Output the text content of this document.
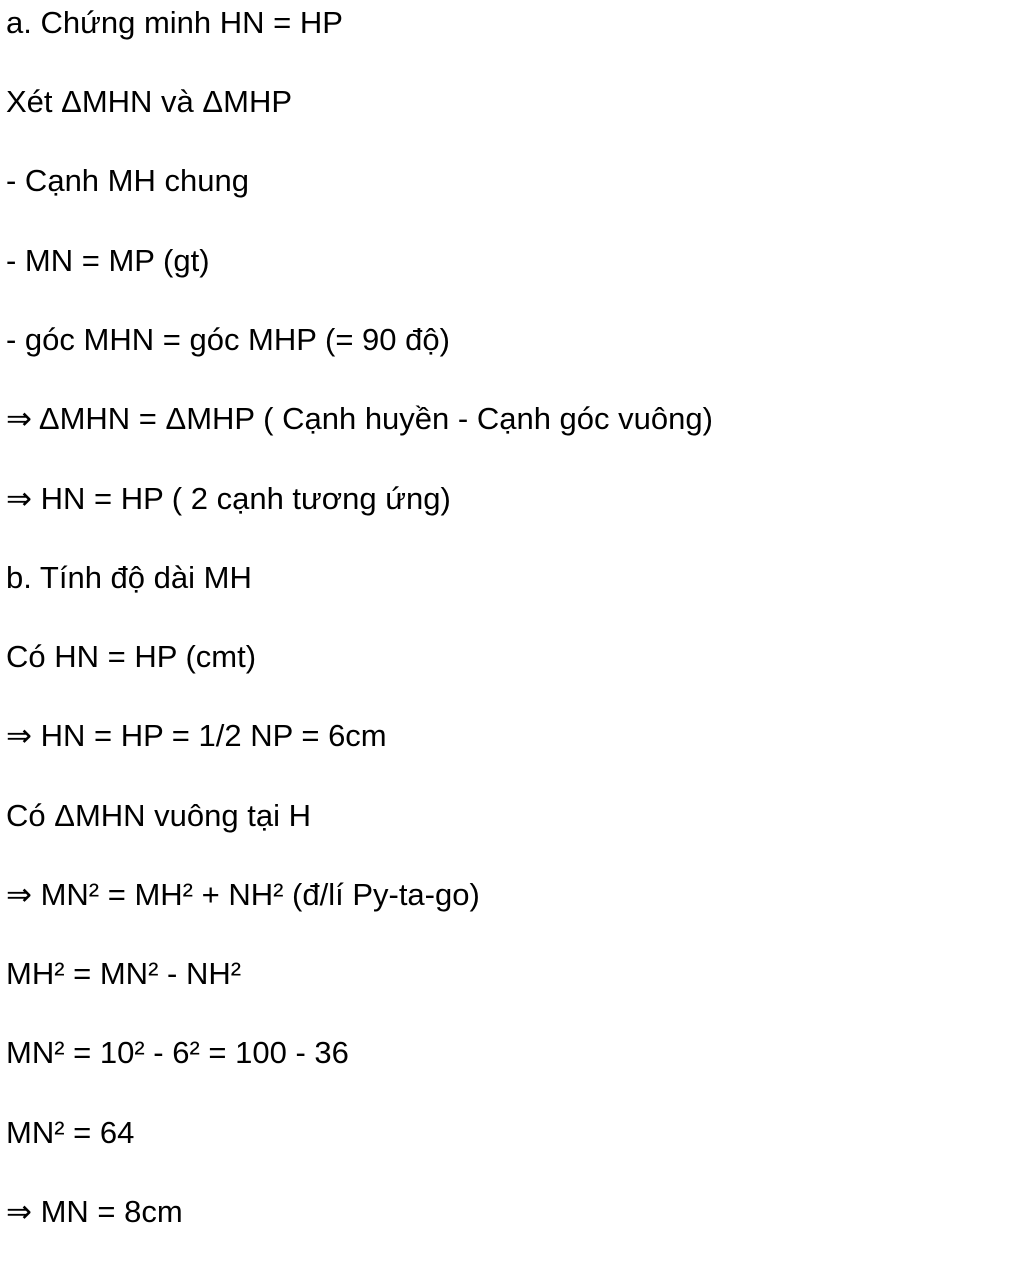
a. Chứng minh HN = HP
Xét ΔMHN và ΔMHP
- Cạnh MH chung
- MN = MP (gt)
- góc MHN = góc MHP (= 90 độ)
⇒ ΔMHN = ΔMHP ( Cạnh huyền - Cạnh góc vuông)
⇒ HN = HP ( 2 cạnh tương ứng)
b. Tính độ dài MH
Có HN = HP (cmt)
⇒ HN = HP = 1/2 NP = 6cm
Có ΔMHN vuông tại H
⇒ MN² = MH² + NH² (đ/lí Py-ta-go)
MH² = MN² - NH²
MN² = 10² - 6² = 100 - 36
MN² = 64
⇒ MN = 8cm
